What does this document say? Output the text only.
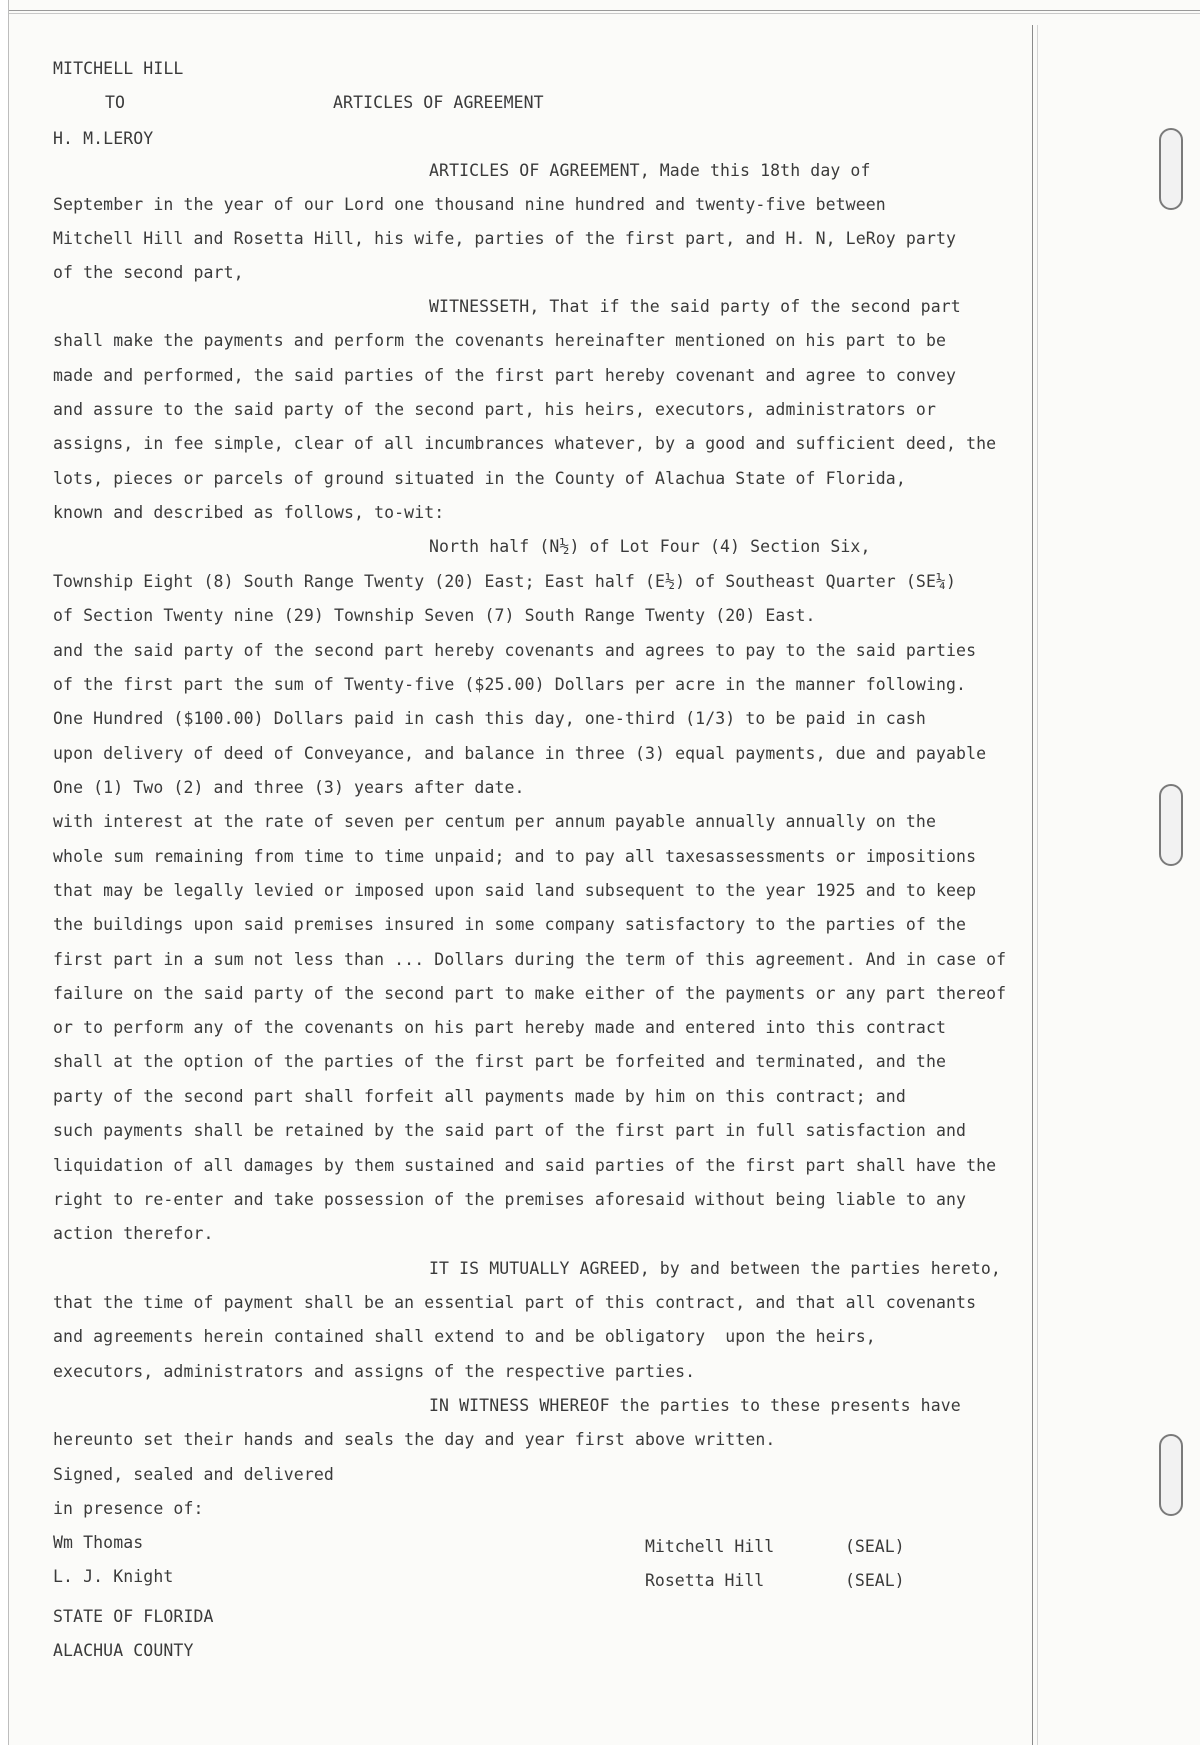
MITCHELL HILL
TO	ARTICLES OF AGREEMENT
H. M.LEROY
ARTICLES OF AGREEMENT, Made this 18th day of
September in the year of our Lord one thousand nine hundred and twenty-five between
Mitchell Hill and Rosetta Hill, his wife, parties of the first part, and H. N, LeRoy party
of the second part,
WITNESSETH, That if the said party of the second part
shall make the payments and perform the covenants hereinafter mentioned on his part to be
made and performed, the said parties of the first part hereby covenant and agree to convey
and assure to the said party of the second part, his heirs, executors, administrators or
assigns, in fee simple, clear of all incumbrances whatever, by a good and sufficient deed, the
lots, pieces or parcels of ground situated in the County of Alachua State of Florida,
known and described as follows, to-wit:
North half (N½) of Lot Four (4) Section Six,
Township Eight (8) South Range Twenty (20) East; East half (E½) of Southeast Quarter (SE¼)
of Section Twenty nine (29) Township Seven (7) South Range Twenty (20) East.
and the said party of the second part hereby covenants and agrees to pay to the said parties
of the first part the sum of Twenty-five ($25.00) Dollars per acre in the manner following.
One Hundred ($100.00) Dollars paid in cash this day, one-third (1/3) to be paid in cash
upon delivery of deed of Conveyance, and balance in three (3) equal payments, due and payable
One (1) Two (2) and three (3) years after date.
with interest at the rate of seven per centum per annum payable annually annually on the
whole sum remaining from time to time unpaid; and to pay all taxesassessments or impositions
that may be legally levied or imposed upon said land subsequent to the year 1925 and to keep
the buildings upon said premises insured in some company satisfactory to the parties of the
first part in a sum not less than ... Dollars during the term of this agreement. And in case of
failure on the said party of the second part to make either of the payments or any part thereof
or to perform any of the covenants on his part hereby made and entered into this contract
shall at the option of the parties of the first part be forfeited and terminated, and the
party of the second part shall forfeit all payments made by him on this contract; and
such payments shall be retained by the said part of the first part in full satisfaction and
liquidation of all damages by them sustained and said parties of the first part shall have the
right to re-enter and take possession of the premises aforesaid without being liable to any
action therefor.
IT IS MUTUALLY AGREED, by and between the parties hereto,
that the time of payment shall be an essential part of this contract, and that all covenants
and agreements herein contained shall extend to and be obligatory  upon the heirs,
executors, administrators and assigns of the respective parties.
IN WITNESS WHEREOF the parties to these presents have
hereunto set their hands and seals the day and year first above written.
Signed, sealed and delivered
in presence of:
Wm Thomas
L. J. Knight
Mitchell Hill	(SEAL)
Rosetta Hill	(SEAL)
STATE OF FLORIDA
ALACHUA COUNTY
